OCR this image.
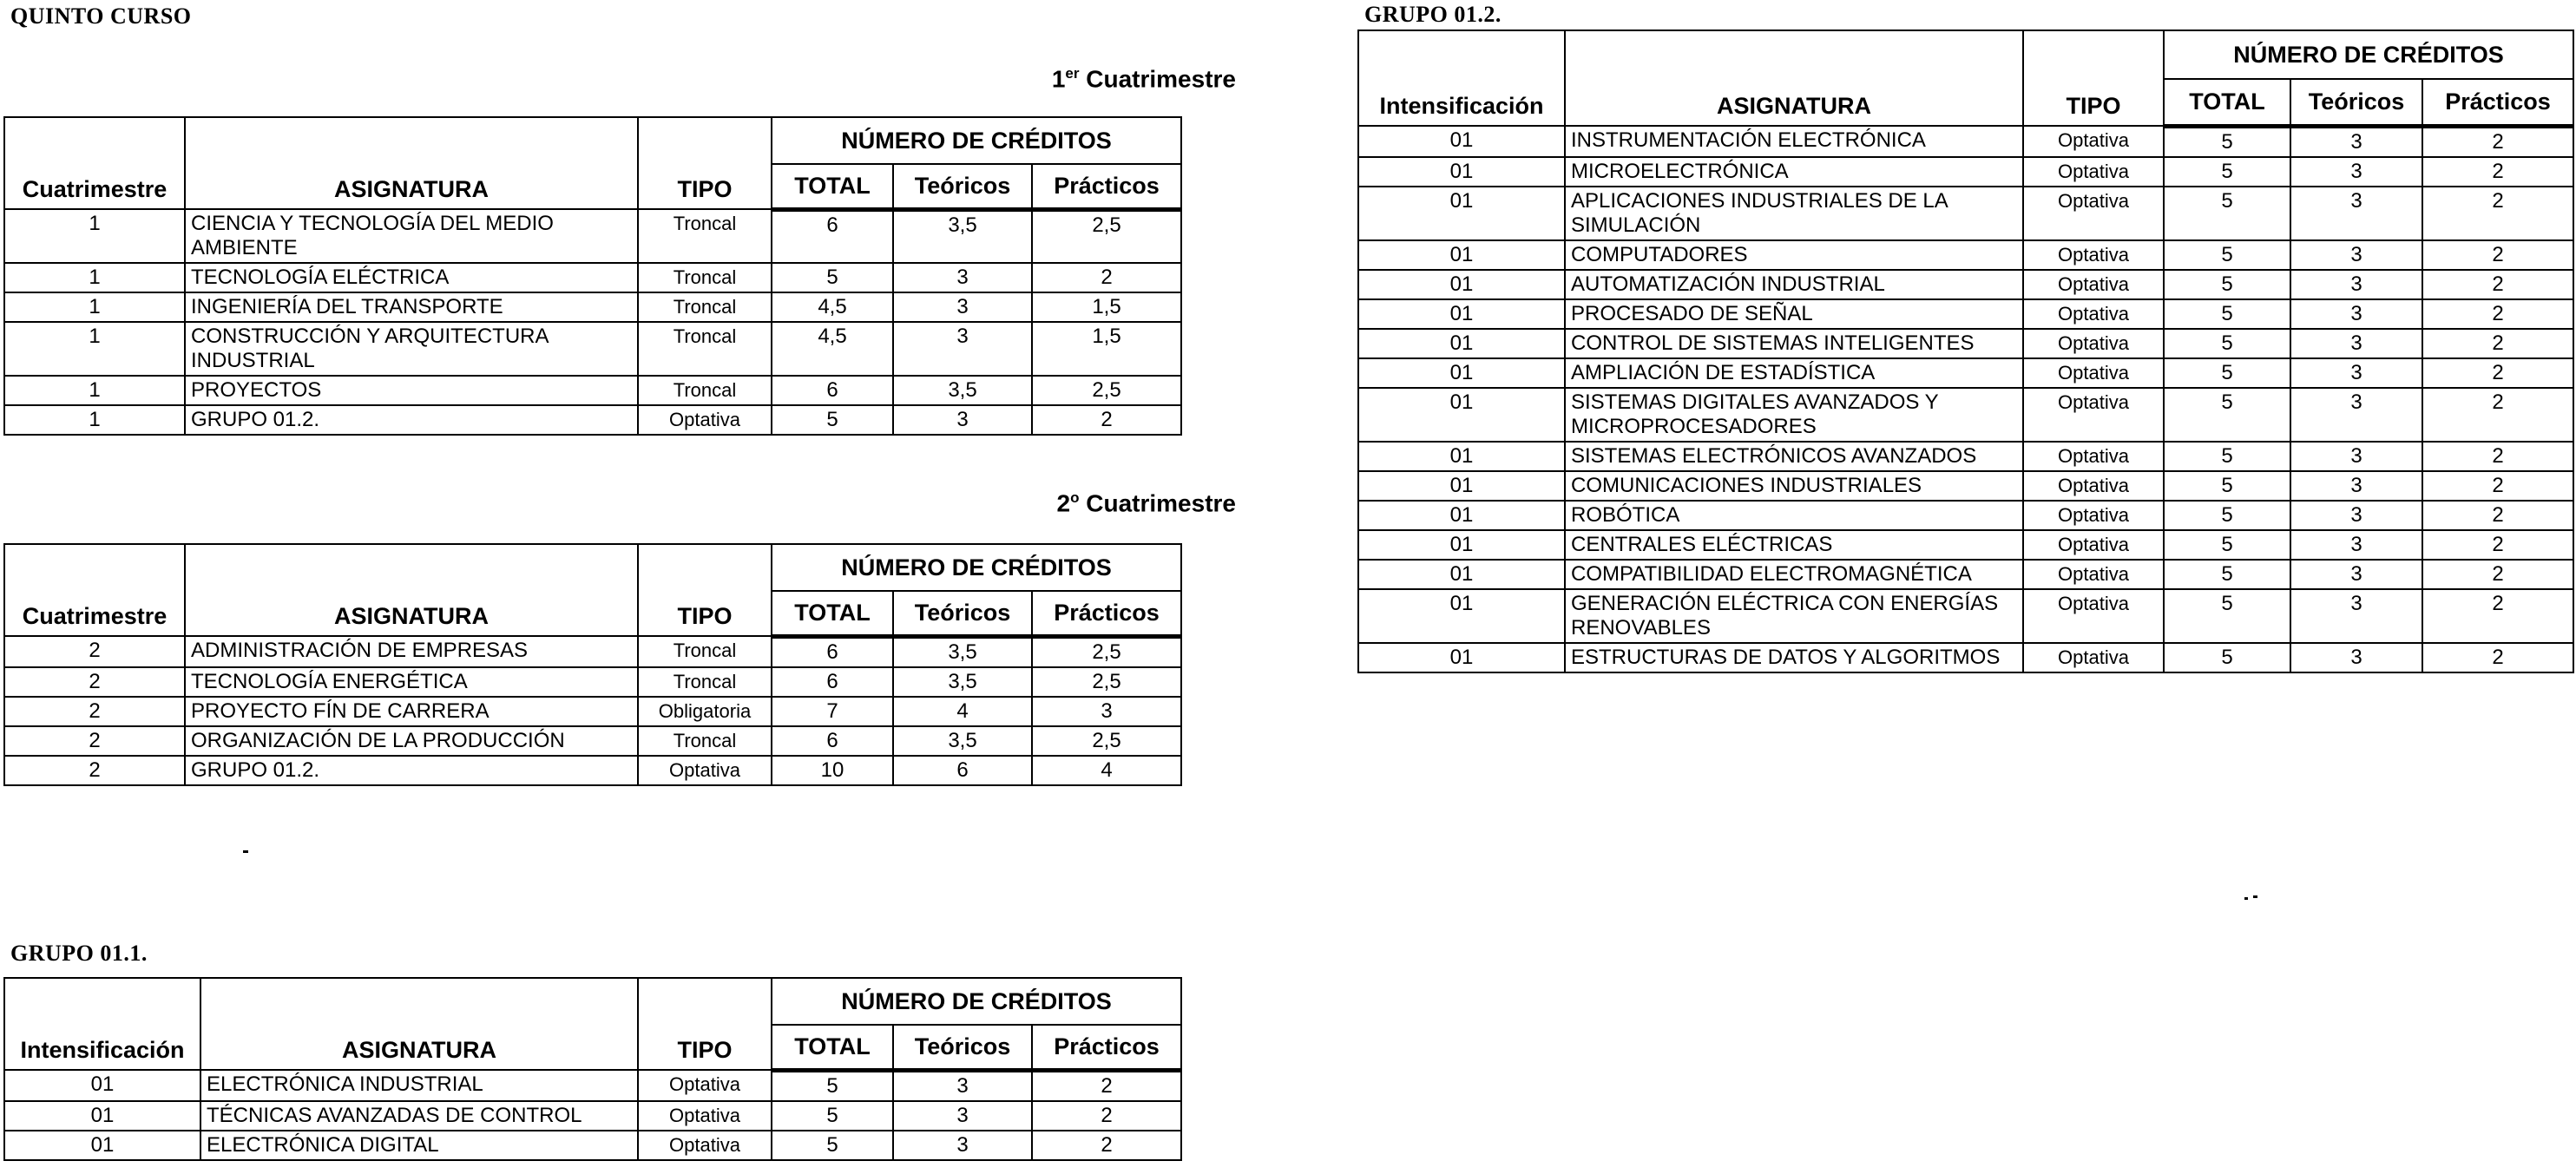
QUINTO CURSO
1er Cuatrimestre
Cuatrimestre	ASIGNATURA	TIPO	NÚMERO DE CRÉDITOS		
			TOTAL	Teóricos	Prácticos
1	CIENCIA Y TECNOLOGÍA DEL MEDIO AMBIENTE	Troncal	6	3,5	2,5
1	TECNOLOGÍA ELÉCTRICA	Troncal	5	3	2
1	INGENIERÍA DEL TRANSPORTE	Troncal	4,5	3	1,5
1	CONSTRUCCIÓN Y ARQUITECTURA INDUSTRIAL	Troncal	4,5	3	1,5
1	PROYECTOS	Troncal	6	3,5	2,5
1	GRUPO 01.2.	Optativa	5	3	2
2$^o$ Cuatrimestre
Cuatrimestre	ASIGNATURA	TIPO	NÚMERO DE CRÉDITOS		
			TOTAL	Teóricos	Prácticos
2	ADMINISTRACIÓN DE EMPRESAS	Troncal	6	3,5	2,5
2	TECNOLOGÍA ENERGÉTICA	Troncal	6	3,5	2,5
2	PROYECTO FÍN DE CARRERA	Obligatoria	7	4	3
2	ORGANIZACIÓN DE LA PRODUCCIÓN	Troncal	6	3,5	2,5
2	GRUPO 01.2.	Optativa	10	6	4
GRUPO 01.1.
Intensificación	ASIGNATURA	TIPO	NÚMERO DE CRÉDITOS		
			TOTAL	Teóricos	Prácticos
01	ELECTRÓNICA INDUSTRIAL	Optativa	5	3	2
01	TÉCNICAS AVANZADAS DE CONTROL	Optativa	5	3	2
01	ELECTRÓNICA DIGITAL	Optativa	5	3	2
GRUPO 01.2.
Intensificación	ASIGNATURA	TIPO	NÚMERO DE CRÉDITOS		
			TOTAL	Teóricos	Prácticos
01	INSTRUMENTACIÓN ELECTRÓNICA	Optativa	5	3	2
01	MICROELECTRÓNICA	Optativa	5	3	2
01	APLICACIONES INDUSTRIALES DE LA SIMULACIÓN	Optativa	5	3	2
01	COMPUTADORES	Optativa	5	3	2
01	AUTOMATIZACIÓN INDUSTRIAL	Optativa	5	3	2
01	PROCESADO DE SEÑAL	Optativa	5	3	2
01	CONTROL DE SISTEMAS INTELIGENTES	Optativa	5	3	2
01	AMPLIACIÓN DE ESTADÍSTICA	Optativa	5	3	2
01	SISTEMAS DIGITALES AVANZADOS Y MICROPROCESADORES	Optativa	5	3	2
01	SISTEMAS ELECTRÓNICOS AVANZADOS	Optativa	5	3	2
01	COMUNICACIONES INDUSTRIALES	Optativa	5	3	2
01	ROBÓTICA	Optativa	5	3	2
01	CENTRALES ELÉCTRICAS	Optativa	5	3	2
01	COMPATIBILIDAD ELECTROMAGNÉTICA	Optativa	5	3	2
01	GENERACIÓN ELÉCTRICA CON ENERGÍAS RENOVABLES	Optativa	5	3	2
01	ESTRUCTURAS DE DATOS Y ALGORITMOS	Optativa	5	3	2
